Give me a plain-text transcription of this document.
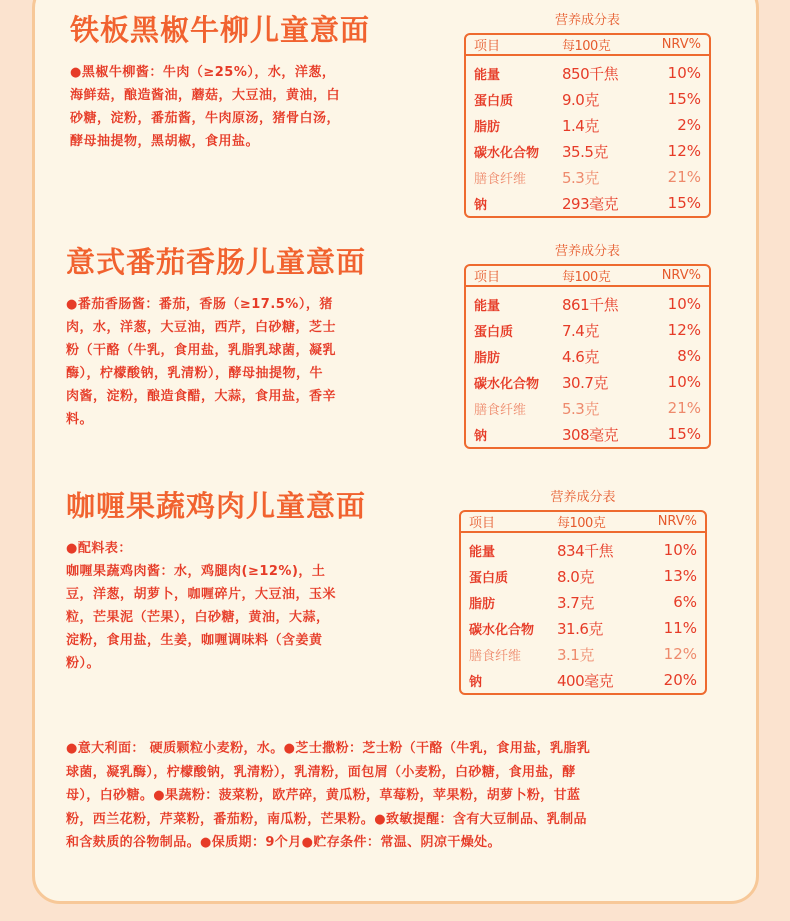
铁板黑椒牛柳儿童意面
●黑椒牛柳酱：牛肉（≥25%），水，洋葱，
海鲜菇，酿造酱油，蘑菇，大豆油，黄油，白
砂糖，淀粉，番茄酱，牛肉原汤，猪骨白汤，
酵母抽提物，黑胡椒，食用盐。
营养成分表
项目	每100克	NRV%
能量	850千焦	10%
蛋白质	9.0克	15%
脂肪	1.4克	2%
碳水化合物	35.5克	12%
膳食纤维	5.3克	21%
钠	293毫克	15%
意式番茄香肠儿童意面
●番茄香肠酱：番茄，香肠（≥17.5%），猪
肉，水，洋葱，大豆油，西芹，白砂糖，芝士
粉（干酪（牛乳，食用盐，乳脂乳球菌，凝乳
酶），柠檬酸钠，乳清粉），酵母抽提物，牛
肉酱，淀粉，酿造食醋，大蒜，食用盐，香辛
料。
营养成分表
项目	每100克	NRV%
能量	861千焦	10%
蛋白质	7.4克	12%
脂肪	4.6克	8%
碳水化合物	30.7克	10%
膳食纤维	5.3克	21%
钠	308毫克	15%
咖喱果蔬鸡肉儿童意面
●配料表：
咖喱果蔬鸡肉酱：水，鸡腿肉(≥12%)，土
豆，洋葱，胡萝卜，咖喱碎片，大豆油，玉米
粒，芒果泥（芒果），白砂糖，黄油，大蒜，
淀粉，食用盐，生姜，咖喱调味料（含姜黄
粉）。
营养成分表
项目	每100克	NRV%
能量	834千焦	10%
蛋白质	8.0克	13%
脂肪	3.7克	6%
碳水化合物	31.6克	11%
膳食纤维	3.1克	12%
钠	400毫克	20%
●意大利面： 硬质颗粒小麦粉，水。●芝士撒粉：芝士粉（干酪（牛乳，食用盐，乳脂乳
球菌，凝乳酶），柠檬酸钠，乳清粉），乳清粉，面包屑（小麦粉，白砂糖，食用盐，酵
母），白砂糖。●果蔬粉：菠菜粉，欧芹碎，黄瓜粉，草莓粉，苹果粉，胡萝卜粉，甘蓝
粉，西兰花粉，芹菜粉，番茄粉，南瓜粉，芒果粉。●致敏提醒：含有大豆制品、乳制品
和含麸质的谷物制品。●保质期：9个月●贮存条件：常温、阴凉干燥处。
